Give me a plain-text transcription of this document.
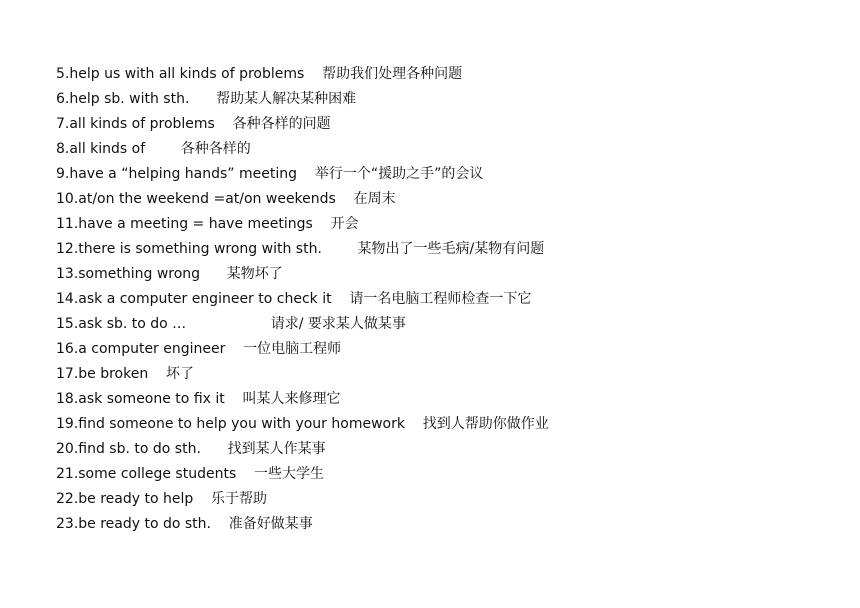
5.help us with all kinds of problems    帮助我们处理各种问题
6.help sb. with sth.      帮助某人解决某种困难
7.all kinds of problems    各种各样的问题
8.all kinds of        各种各样的
9.have a “helping hands” meeting    举行一个“援助之手”的会议
10.at/on the weekend =at/on weekends    在周末
11.have a meeting = have meetings    开会
12.there is something wrong with sth.        某物出了一些毛病/某物有问题
13.something wrong      某物坏了
14.ask a computer engineer to check it    请一名电脑工程师检查一下它
15.ask sb. to do …                   请求/ 要求某人做某事
16.a computer engineer    一位电脑工程师
17.be broken    坏了
18.ask someone to fix it    叫某人来修理它
19.find someone to help you with your homework    找到人帮助你做作业
20.find sb. to do sth.      找到某人作某事
21.some college students    一些大学生
22.be ready to help    乐于帮助
23.be ready to do sth.    准备好做某事
